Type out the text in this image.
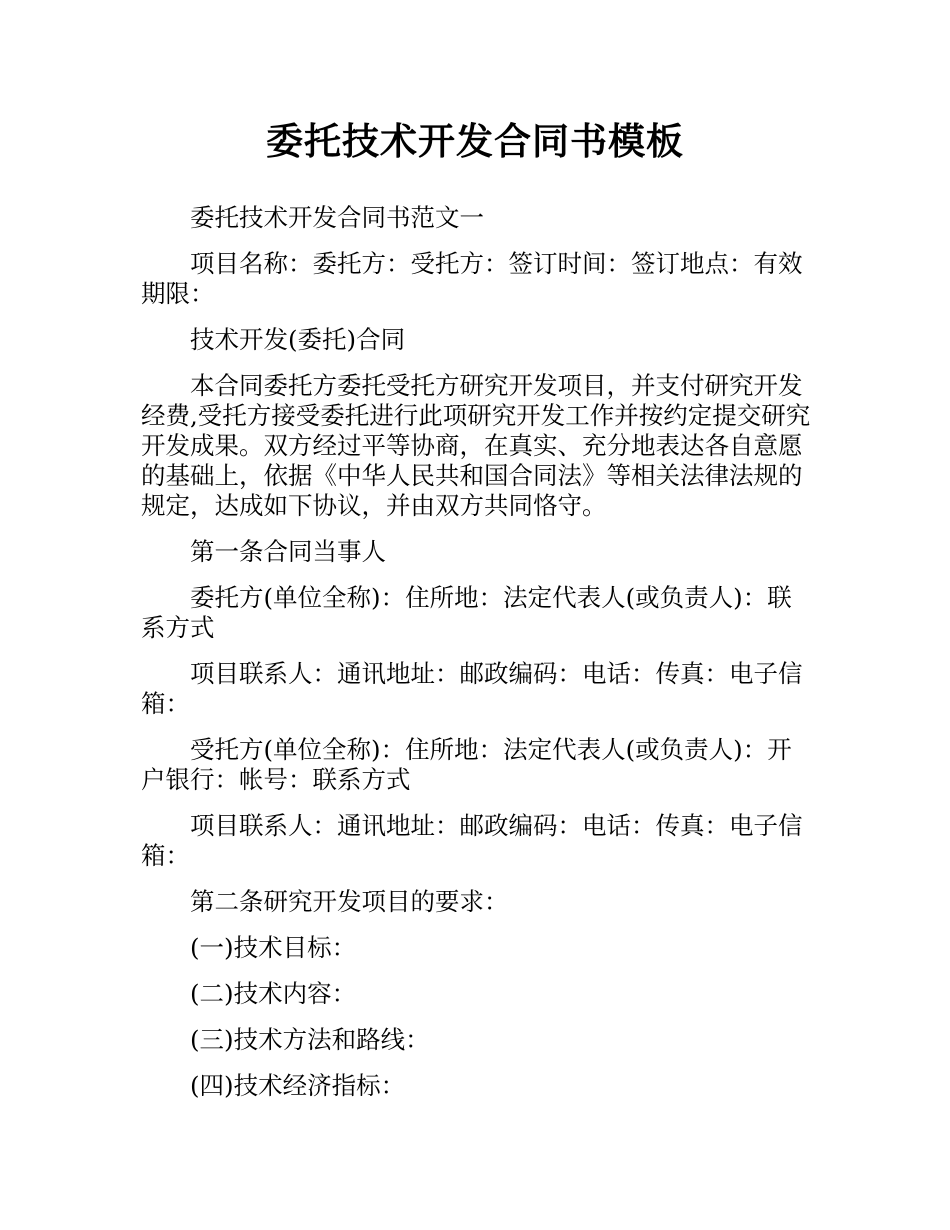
委托技术开发合同书模板

委托技术开发合同书范文一

项目名称：委托方：受托方：签订时间：签订地点：有效期限：

技术开发(委托)合同

本合同委托方委托受托方研究开发项目，并支付研究开发经费,受托方接受委托进行此项研究开发工作并按约定提交研究开发成果。双方经过平等协商，在真实、充分地表达各自意愿的基础上，依据《中华人民共和国合同法》等相关法律法规的规定，达成如下协议，并由双方共同恪守。

第一条合同当事人

委托方(单位全称)：住所地：法定代表人(或负责人)：联系方式

项目联系人：通讯地址：邮政编码：电话：传真：电子信箱：

受托方(单位全称)：住所地：法定代表人(或负责人)：开户银行：帐号：联系方式

项目联系人：通讯地址：邮政编码：电话：传真：电子信箱：

第二条研究开发项目的要求：

(一)技术目标：

(二)技术内容：

(三)技术方法和路线：

(四)技术经济指标：
